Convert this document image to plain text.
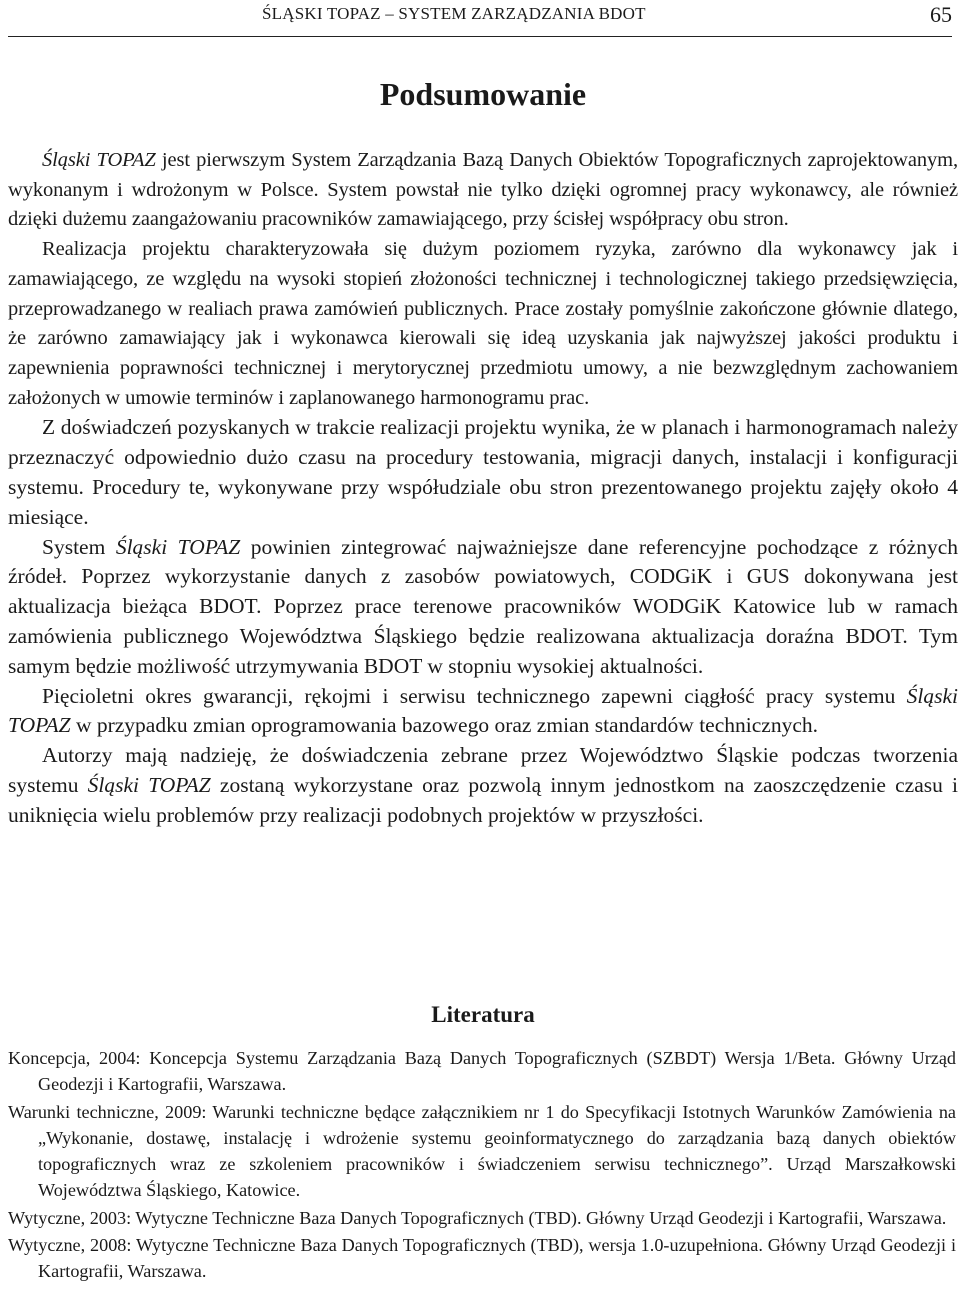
ŚLĄSKI TOPAZ – SYSTEM ZARZĄDZANIA BDOT	65
Podsumowanie

Śląski TOPAZ jest pierwszym System Zarządzania Bazą Danych Obiektów Topograficznych zaprojektowanym, wykonanym i wdrożonym w Polsce. System powstał nie tylko dzięki ogromnej pracy wykonawcy, ale również dzięki dużemu zaangażowaniu pracowników zamawiającego, przy ścisłej współpracy obu stron.

Realizacja projektu charakteryzowała się dużym poziomem ryzyka, zarówno dla wykonawcy jak i zamawiającego, ze względu na wysoki stopień złożoności technicznej i technologicznej takiego przedsięwzięcia, przeprowadzanego w realiach prawa zamówień publicznych. Prace zostały pomyślnie zakończone głównie dlatego, że zarówno zamawiający jak i wykonawca kierowali się ideą uzyskania jak najwyższej jakości produktu i zapewnienia poprawności technicznej i merytorycznej przedmiotu umowy, a nie bezwzględnym zachowaniem założonych w umowie terminów i zaplanowanego harmonogramu prac.

Z doświadczeń pozyskanych w trakcie realizacji projektu wynika, że w planach i harmonogramach należy przeznaczyć odpowiednio dużo czasu na procedury testowania, migracji danych, instalacji i konfiguracji systemu. Procedury te, wykonywane przy współudziale obu stron prezentowanego projektu zajęły około 4 miesiące.

System Śląski TOPAZ powinien zintegrować najważniejsze dane referencyjne pochodzące z różnych źródeł. Poprzez wykorzystanie danych z zasobów powiatowych, CODGiK i GUS dokonywana jest aktualizacja bieżąca BDOT. Poprzez prace terenowe pracowników WODGiK Katowice lub w ramach zamówienia publicznego Województwa Śląskiego będzie realizowana aktualizacja doraźna BDOT. Tym samym będzie możliwość utrzymywania BDOT w stopniu wysokiej aktualności.

Pięcioletni okres gwarancji, rękojmi i serwisu technicznego zapewni ciągłość pracy systemu Śląski TOPAZ w przypadku zmian oprogramowania bazowego oraz zmian standardów technicznych.

Autorzy mają nadzieję, że doświadczenia zebrane przez Województwo Śląskie podczas tworzenia systemu Śląski TOPAZ zostaną wykorzystane oraz pozwolą innym jednostkom na zaoszczędzenie czasu i uniknięcia wielu problemów przy realizacji podobnych projektów w przyszłości.

Literatura

Koncepcja, 2004: Koncepcja Systemu Zarządzania Bazą Danych Topograficznych (SZBDT) Wersja 1/Beta. Główny Urząd Geodezji i Kartografii, Warszawa.

Warunki techniczne, 2009: Warunki techniczne będące załącznikiem nr 1 do Specyfikacji Istotnych Warunków Zamówienia na „Wykonanie, dostawę, instalację i wdrożenie systemu geoinformatycznego do zarządzania bazą danych obiektów topograficznych wraz ze szkoleniem pracowników i świadczeniem serwisu technicznego”. Urząd Marszałkowski Województwa Śląskiego, Katowice.

Wytyczne, 2003: Wytyczne Techniczne Baza Danych Topograficznych (TBD). Główny Urząd Geodezji i Kartografii, Warszawa.

Wytyczne, 2008: Wytyczne Techniczne Baza Danych Topograficznych (TBD), wersja 1.0-uzupełniona. Główny Urząd Geodezji i Kartografii, Warszawa.
